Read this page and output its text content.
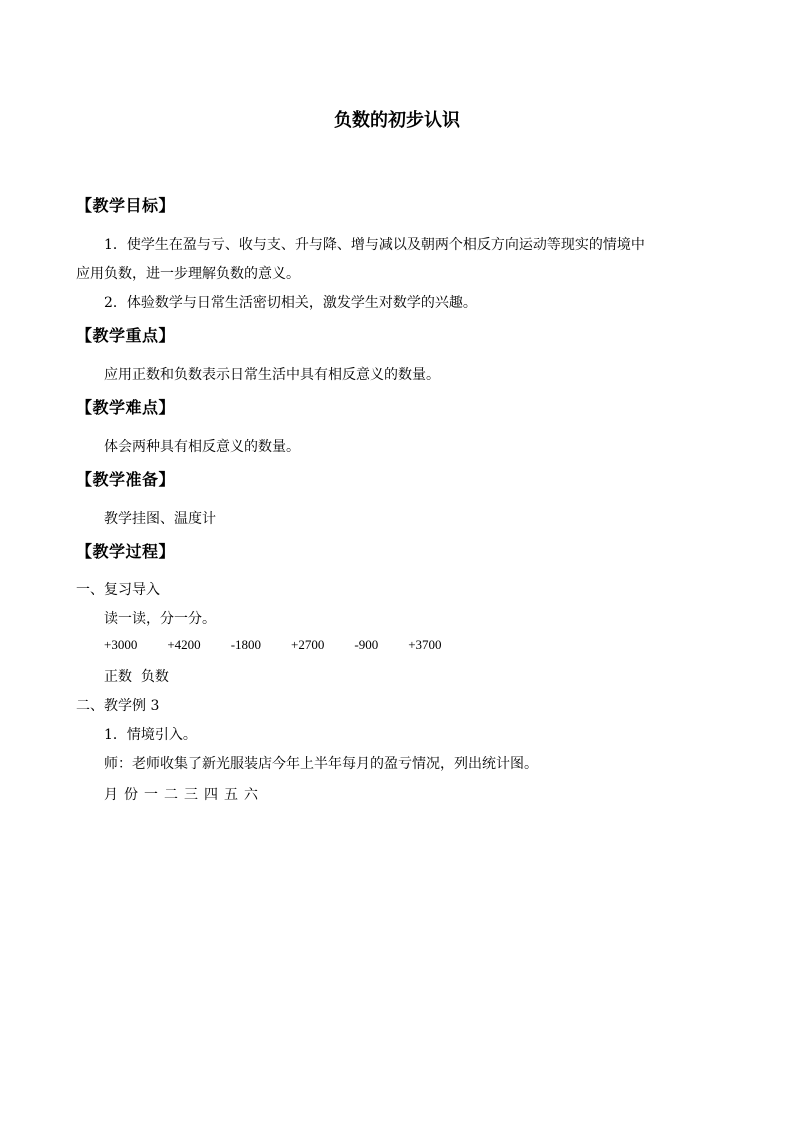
负数的初步认识
【教学目标】
1．使学生在盈与亏、收与支、升与降、增与减以及朝两个相反方向运动等现实的情境中
应用负数，进一步理解负数的意义。
2．体验数学与日常生活密切相关，激发学生对数学的兴趣。
【教学重点】
应用正数和负数表示日常生活中具有相反意义的数量。
【教学难点】
体会两种具有相反意义的数量。
【教学准备】
教学挂图、温度计
【教学过程】
一、复习导入
读一读，分一分。
+3000 +4200 -1800 +2700 -900 +3700
正数  负数
二、教学例 3
1．情境引入。
师：老师收集了新光服装店今年上半年每月的盈亏情况，列出统计图。
月 份 一 二 三 四 五 六
